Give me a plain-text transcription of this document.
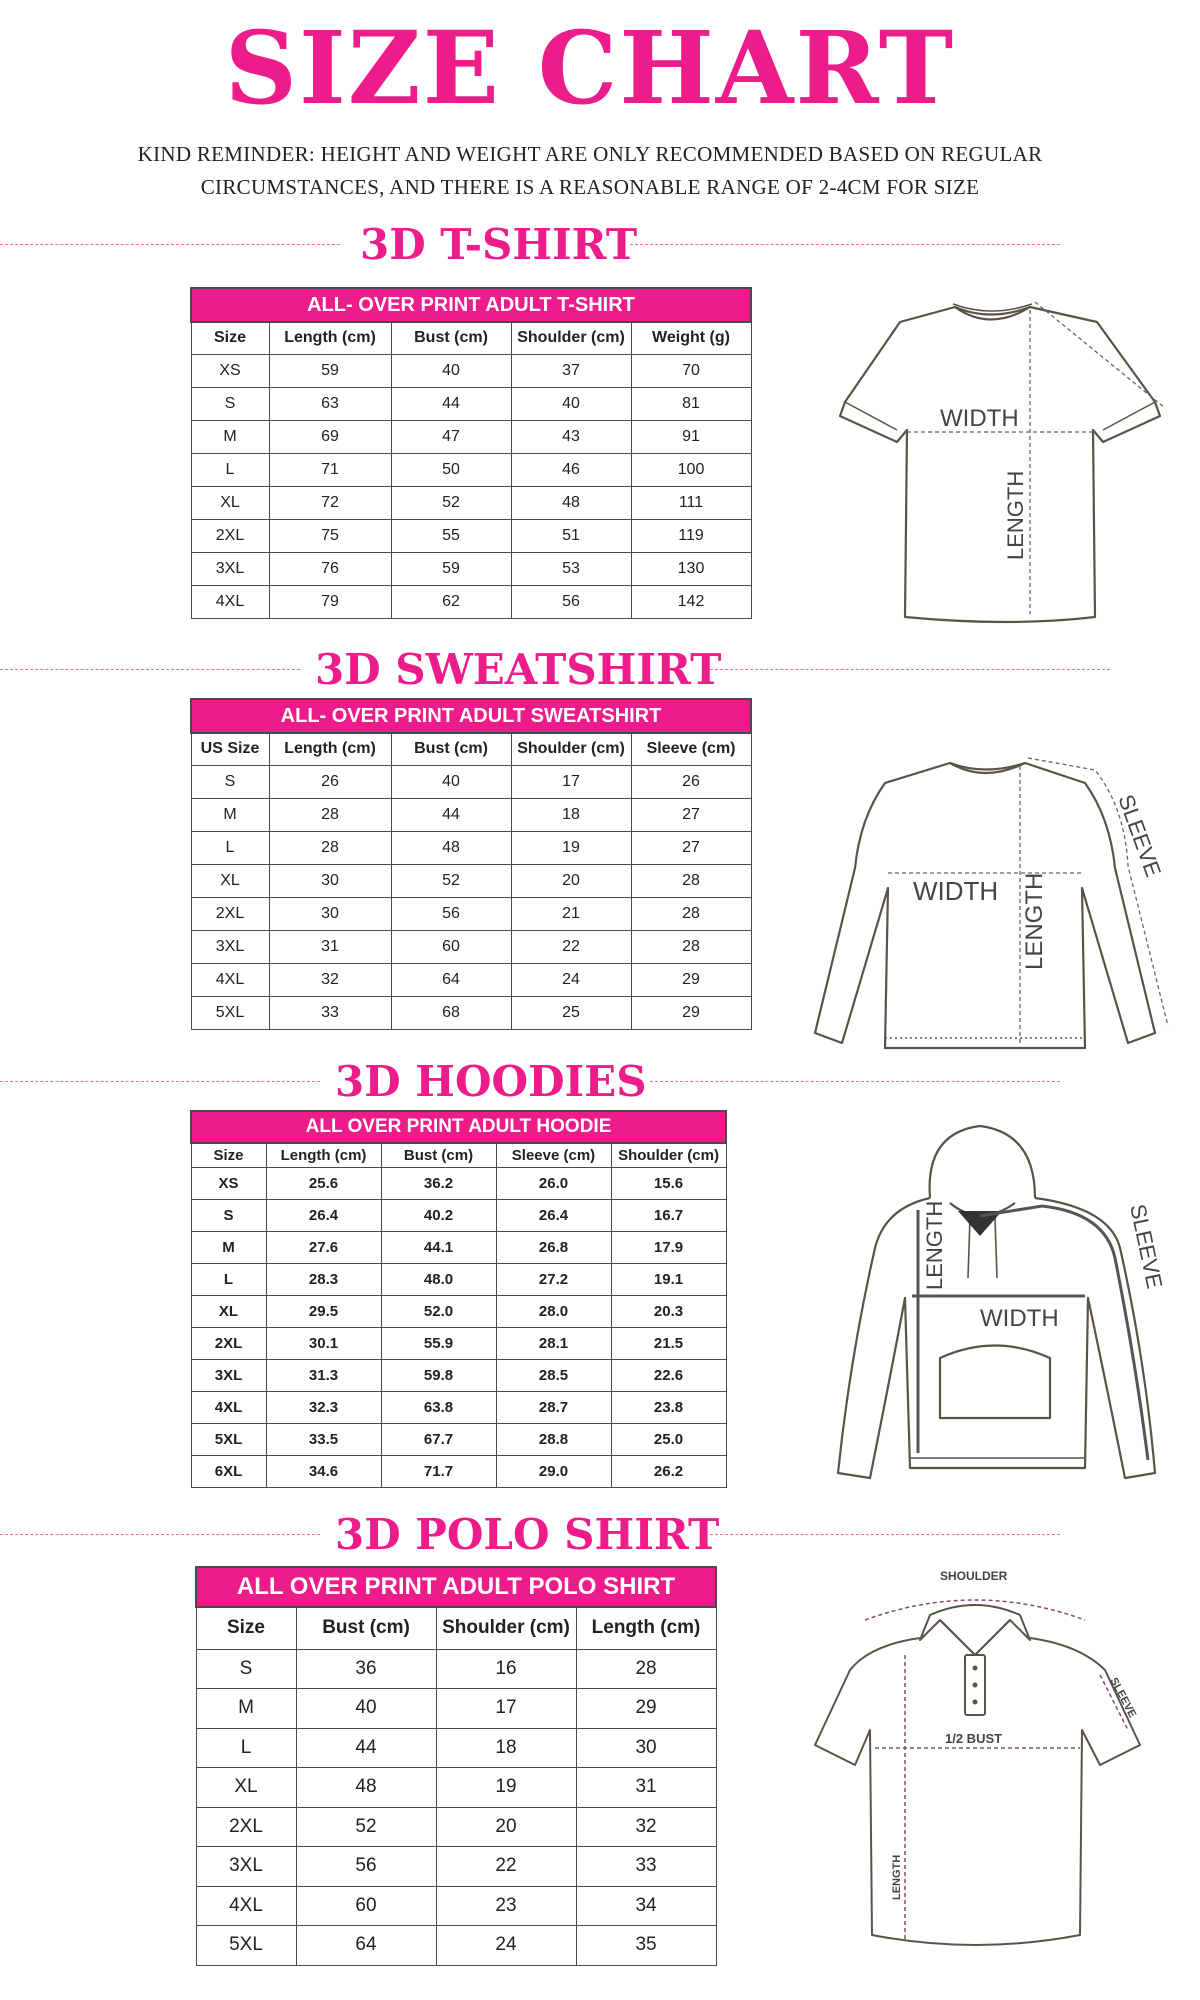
SIZE CHART
KIND REMINDER: HEIGHT AND WEIGHT ARE ONLY RECOMMENDED BASED ON REGULAR
CIRCUMSTANCES, AND THERE IS A REASONABLE RANGE OF 2-4CM FOR SIZE
3D T-SHIRT
ALL- OVER PRINT ADULT T-SHIRT				
Size	Length (cm)	Bust (cm)	Shoulder (cm)	Weight (g)
XS	59	40	37	70
S	63	44	40	81
M	69	47	43	91
L	71	50	46	100
XL	72	52	48	111
2XL	75	55	51	119
3XL	76	59	53	130
4XL	79	62	56	142
WIDTH
LENGTH
3D SWEATSHIRT
ALL- OVER PRINT ADULT SWEATSHIRT				
US Size	Length (cm)	Bust (cm)	Shoulder (cm)	Sleeve (cm)
S	26	40	17	26
M	28	44	18	27
L	28	48	19	27
XL	30	52	20	28
2XL	30	56	21	28
3XL	31	60	22	28
4XL	32	64	24	29
5XL	33	68	25	29
WIDTH LENGTH
SLEEVE
3D HOODIES
ALL OVER PRINT ADULT HOODIE				
Size	Length (cm)	Bust (cm)	Sleeve (cm)	Shoulder (cm)
XS	25.6	36.2	26.0	15.6
S	26.4	40.2	26.4	16.7
M	27.6	44.1	26.8	17.9
L	28.3	48.0	27.2	19.1
XL	29.5	52.0	28.0	20.3
2XL	30.1	55.9	28.1	21.5
3XL	31.3	59.8	28.5	22.6
4XL	32.3	63.8	28.7	23.8
5XL	33.5	67.7	28.8	25.0
6XL	34.6	71.7	29.0	26.2
WIDTH
LENGTH	SLEEVE
3D POLO SHIRT
ALL OVER PRINT ADULT POLO SHIRT			
Size	Bust (cm)	Shoulder (cm)	Length (cm)
S	36	16	28
M	40	17	29
L	44	18	30
XL	48	19	31
2XL	52	20	32
3XL	56	22	33
4XL	60	23	34
5XL	64	24	35
SHOULDER
1/2 BUST
LENGTH
SLEEVE
